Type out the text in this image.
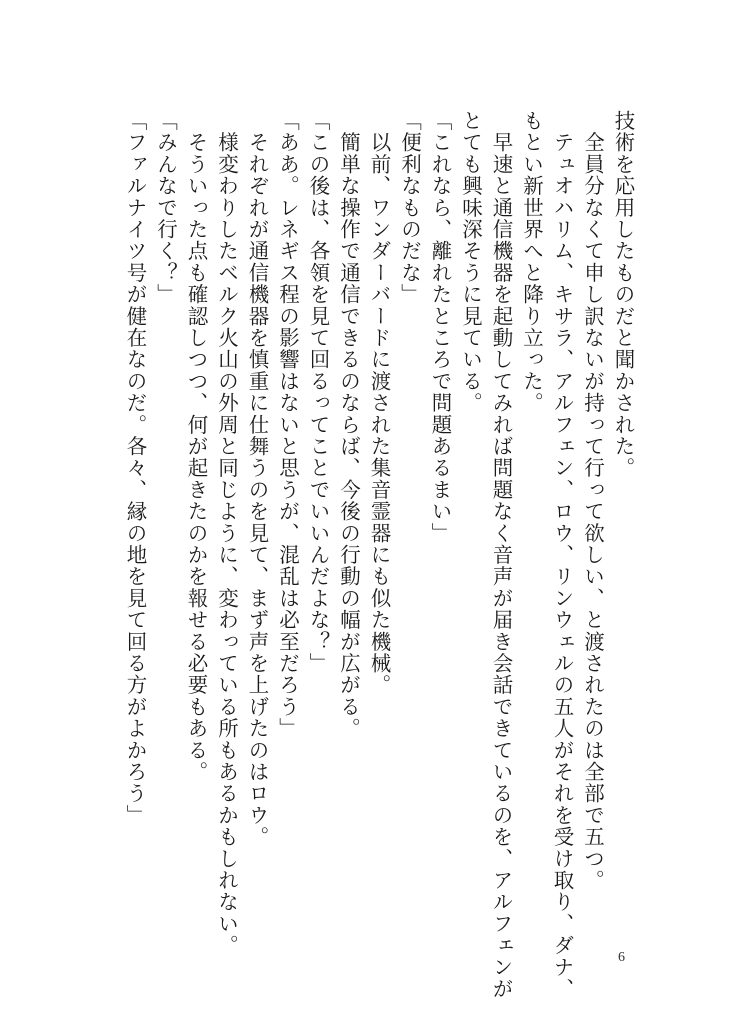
技術を応用したものだと聞かされた。
　全員分なくて申し訳ないが持って行って欲しい、と渡されたのは全部で五つ。
　テュオハリム、キサラ、アルフェン、ロウ、リンウェルの五人がそれを受け取り、ダナ、
もとい新世界へと降り立った。
　早速と通信機器を起動してみれば問題なく音声が届き会話できているのを、アルフェンが
とても興味深そうに見ている。
「これなら、離れたところで問題あるまい」
「便利なものだな」
　以前、ワンダーバードに渡された集音霊器にも似た機械。
　簡単な操作で通信できるのならば、今後の行動の幅が広がる。
「この後は、各領を見て回るってことでいいんだよな？」
「ああ。レネギス程の影響はないと思うが、混乱は必至だろう」
　それぞれが通信機器を慎重に仕舞うのを見て、まず声を上げたのはロウ。
　様変わりしたベルク火山の外周と同じように、変わっている所もあるかもしれない。
　そういった点も確認しつつ、何が起きたのかを報せる必要もある。
「みんなで行く？」
「ファルナイツ号が健在なのだ。各々、縁の地を見て回る方がよかろう」
6
